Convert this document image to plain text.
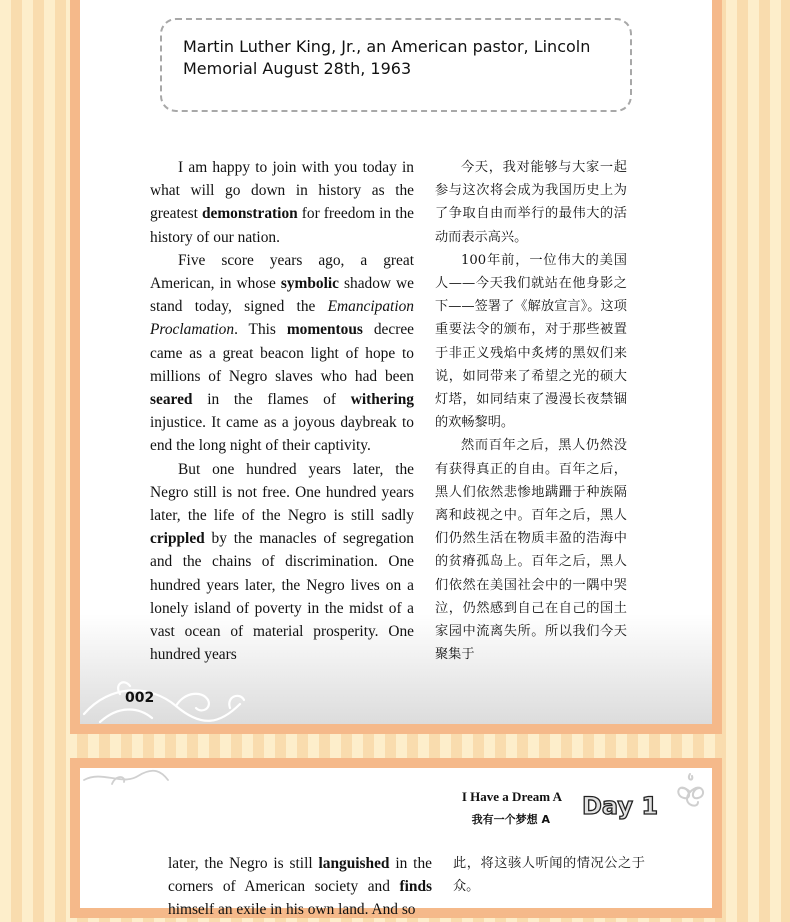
Martin Luther King, Jr., an American pastor, Lincoln Memorial August 28th, 1963

I am happy to join with you today in what will go down in history as the greatest demonstration for freedom in the history of our nation.

Five score years ago, a great American, in whose symbolic shadow we stand today, signed the Emancipation Proclamation. This momentous decree came as a great beacon light of hope to millions of Negro slaves who had been seared in the flames of withering injustice. It came as a joyous daybreak to end the long night of their captivity.

But one hundred years later, the Negro still is not free. One hundred years later, the life of the Negro is still sadly crippled by the manacles of segregation and the chains of discrimination. One hundred years later, the Negro lives on a lonely island of poverty in the midst of a vast ocean of material prosperity. One hundred years

今天，我对能够与大家一起参与这次将会成为我国历史上为了争取自由而举行的最伟大的活动而表示高兴。

100年前，一位伟大的美国人——今天我们就站在他身影之下——签署了《解放宣言》。这项重要法令的颁布，对于那些被置于非正义残焰中炙烤的黑奴们来说，如同带来了希望之光的硕大灯塔，如同结束了漫漫长夜禁锢的欢畅黎明。

然而百年之后，黑人仍然没有获得真正的自由。百年之后，黑人们依然悲惨地蹒跚于种族隔离和歧视之中。百年之后，黑人们仍然生活在物质丰盈的浩海中的贫瘠孤岛上。百年之后，黑人们依然在美国社会中的一隅中哭泣，仍然感到自己在自己的国土家园中流离失所。所以我们今天聚集于

002
I Have a Dream A
我有一个梦想 A Day 1

later, the Negro is still languished in the corners of American society and finds himself an exile in his own land. And so

此，将这骇人听闻的情况公之于众。
